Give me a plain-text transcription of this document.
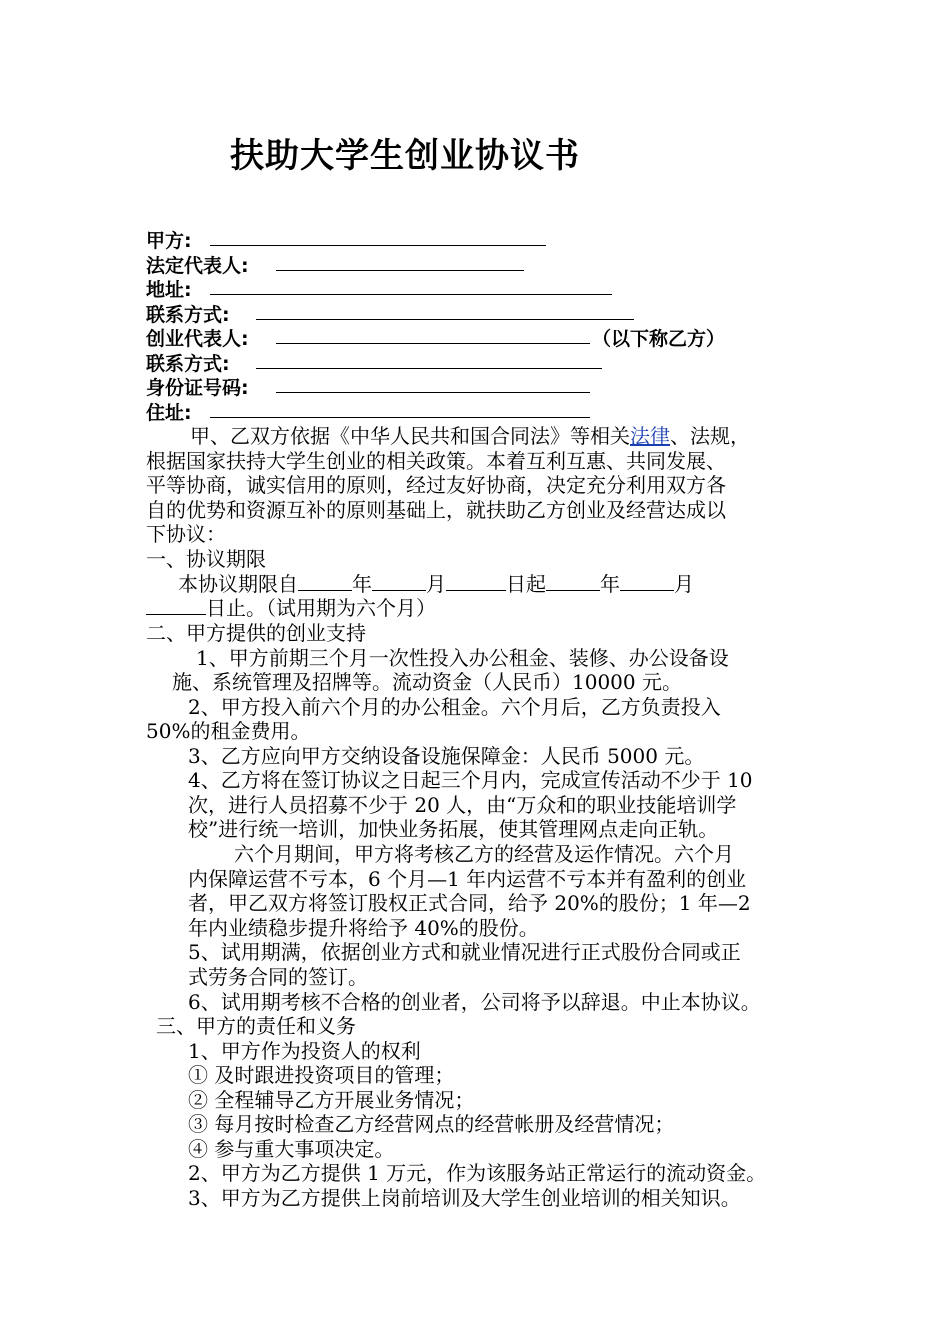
扶助大学生创业协议书
甲方:
法定代表人:
地址:
联系方式:
创业代表人:	（以下称乙方）
联系方式:
身份证号码:
住址:
甲、乙双方依据《中华人民共和国合同法》等相关法律、法规，
根据国家扶持大学生创业的相关政策。本着互利互惠、共同发展、
平等协商，诚实信用的原则，经过友好协商，决定充分利用双方各
自的优势和资源互补的原则基础上，就扶助乙方创业及经营达成以
下协议：
一、协议期限
本协议期限自	年	月	日起	年	月
日止。（试用期为六个月）
二、甲方提供的创业支持
1、甲方前期三个月一次性投入办公租金、装修、办公设备设
施、系统管理及招牌等。流动资金（人民币）10000 元。
2、甲方投入前六个月的办公租金。六个月后，乙方负责投入
50%的租金费用。
3、乙方应向甲方交纳设备设施保障金：人民币 5000 元。
4、乙方将在签订协议之日起三个月内，完成宣传活动不少于 10
次，进行人员招募不少于 20 人，由“万众和的职业技能培训学
校”进行统一培训，加快业务拓展，使其管理网点走向正轨。
六个月期间，甲方将考核乙方的经营及运作情况。六个月
内保障运营不亏本，6 个月—1 年内运营不亏本并有盈利的创业
者，甲乙双方将签订股权正式合同，给予 20%的股份；1 年—2
年内业绩稳步提升将给予 40%的股份。
5、试用期满，依据创业方式和就业情况进行正式股份合同或正
式劳务合同的签订。
6、试用期考核不合格的创业者，公司将予以辞退。中止本协议。
三、甲方的责任和义务
1、甲方作为投资人的权利
① 及时跟进投资项目的管理；
② 全程辅导乙方开展业务情况；
③ 每月按时检查乙方经营网点的经营帐册及经营情况；
④ 参与重大事项决定。
2、甲方为乙方提供 1 万元，作为该服务站正常运行的流动资金。
3、甲方为乙方提供上岗前培训及大学生创业培训的相关知识。
